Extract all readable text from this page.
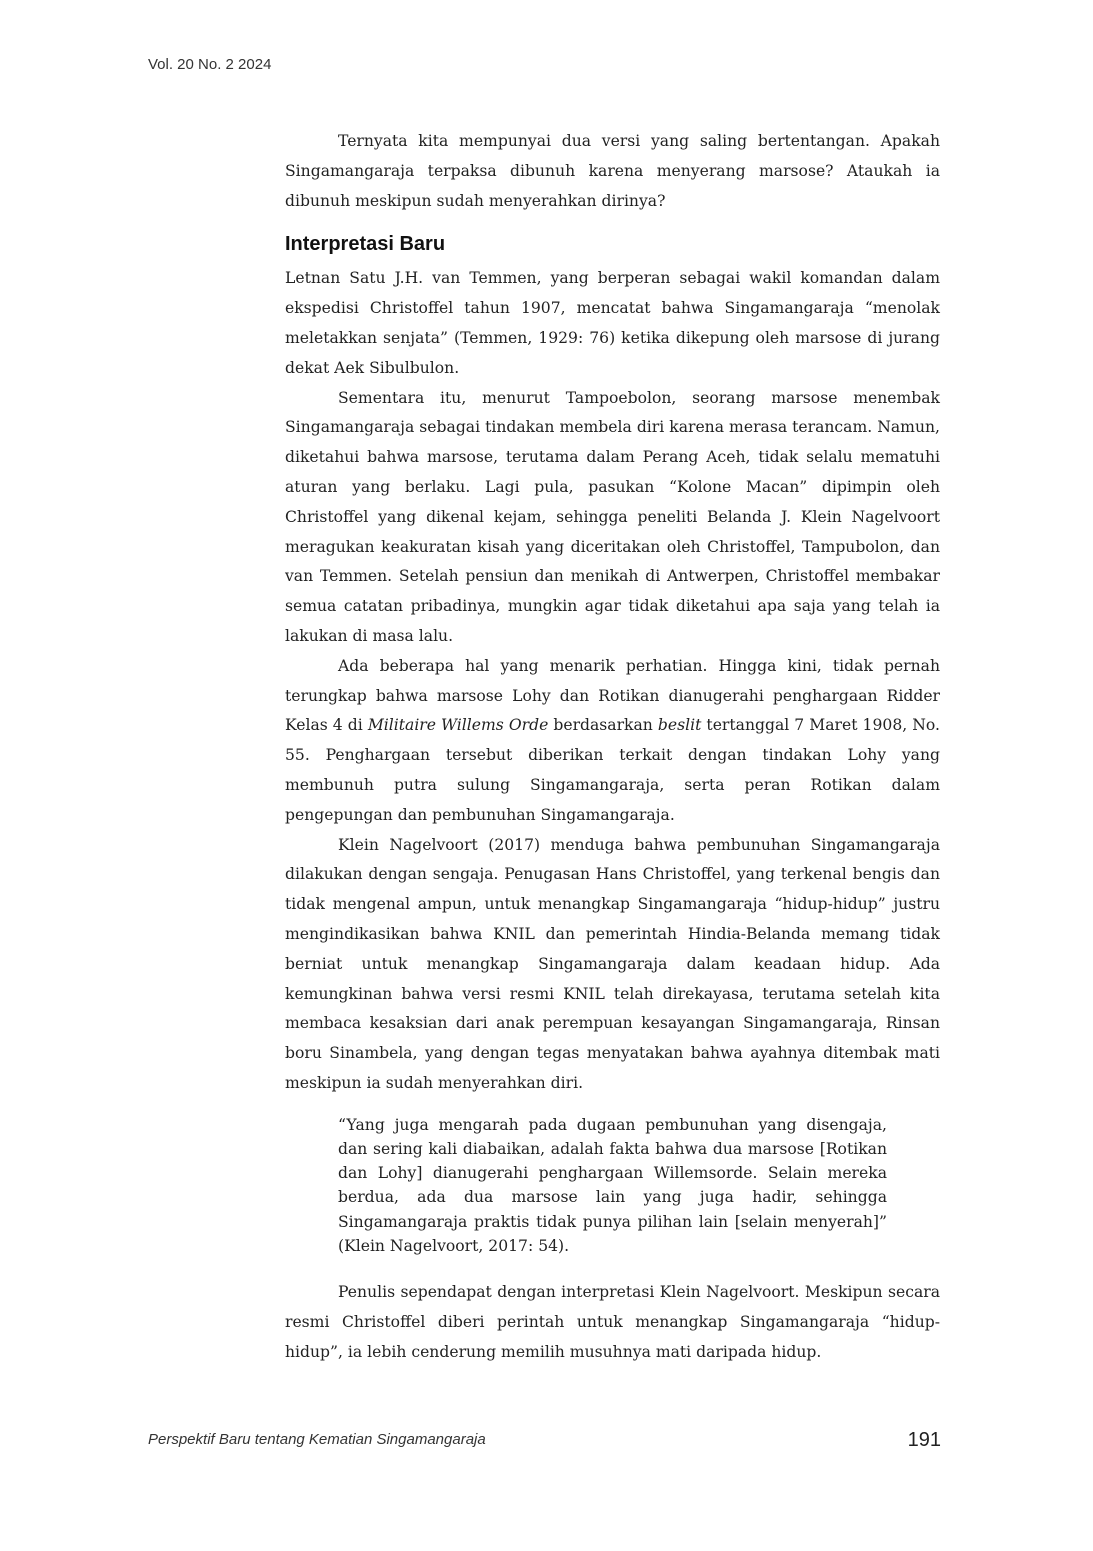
Vol. 20 No. 2 2024

Ternyata kita mempunyai dua versi yang saling bertentangan. Apakah Singamangaraja terpaksa dibunuh karena menyerang marsose? Ataukah ia dibunuh meskipun sudah menyerahkan dirinya?

Interpretasi Baru

Letnan Satu J.H. van Temmen, yang berperan sebagai wakil komandan dalam ekspedisi Christoffel tahun 1907, mencatat bahwa Singamangaraja “menolak meletakkan senjata” (Temmen, 1929: 76) ketika dikepung oleh marsose di jurang dekat Aek Sibulbulon.

Sementara itu, menurut Tampoebolon, seorang marsose menembak Singamangaraja sebagai tindakan membela diri karena merasa terancam. Namun, diketahui bahwa marsose, terutama dalam Perang Aceh, tidak selalu mematuhi aturan yang berlaku. Lagi pula, pasukan “Kolone Macan” dipimpin oleh Christoffel yang dikenal kejam, sehingga peneliti Belanda J. Klein Nagelvoort meragukan keakuratan kisah yang diceritakan oleh Christoffel, Tampubolon, dan van Temmen. Setelah pensiun dan menikah di Antwerpen, Christoffel membakar semua catatan pribadinya, mungkin agar tidak diketahui apa saja yang telah ia lakukan di masa lalu.

Ada beberapa hal yang menarik perhatian. Hingga kini, tidak pernah terungkap bahwa marsose Lohy dan Rotikan dianugerahi penghargaan Ridder Kelas 4 di Militaire Willems Orde berdasarkan beslit tertanggal 7 Maret 1908, No. 55. Penghargaan tersebut diberikan terkait dengan tindakan Lohy yang membunuh putra sulung Singamangaraja, serta peran Rotikan dalam pengepungan dan pembunuhan Singamangaraja.

Klein Nagelvoort (2017) menduga bahwa pembunuhan Singamangaraja dilakukan dengan sengaja. Penugasan Hans Christoffel, yang terkenal bengis dan tidak mengenal ampun, untuk menangkap Singamangaraja “hidup-hidup” justru mengindikasikan bahwa KNIL dan pemerintah Hindia-Belanda memang tidak berniat untuk menangkap Singamangaraja dalam keadaan hidup. Ada kemungkinan bahwa versi resmi KNIL telah direkayasa, terutama setelah kita membaca kesaksian dari anak perempuan kesayangan Singamangaraja, Rinsan boru Sinambela, yang dengan tegas menyatakan bahwa ayahnya ditembak mati meskipun ia sudah menyerahkan diri.

“Yang juga mengarah pada dugaan pembunuhan yang disengaja, dan sering kali diabaikan, adalah fakta bahwa dua marsose [Rotikan dan Lohy] dianugerahi penghargaan Willemsorde. Selain mereka berdua, ada dua marsose lain yang juga hadir, sehingga Singamangaraja praktis tidak punya pilihan lain [selain menyerah]” (Klein Nagelvoort, 2017: 54).

Penulis sependapat dengan interpretasi Klein Nagelvoort. Meskipun secara resmi Christoffel diberi perintah untuk menangkap Singamangaraja “hidup-hidup”, ia lebih cenderung memilih musuhnya mati daripada hidup.

Perspektif Baru tentang Kematian Singamangaraja	191
